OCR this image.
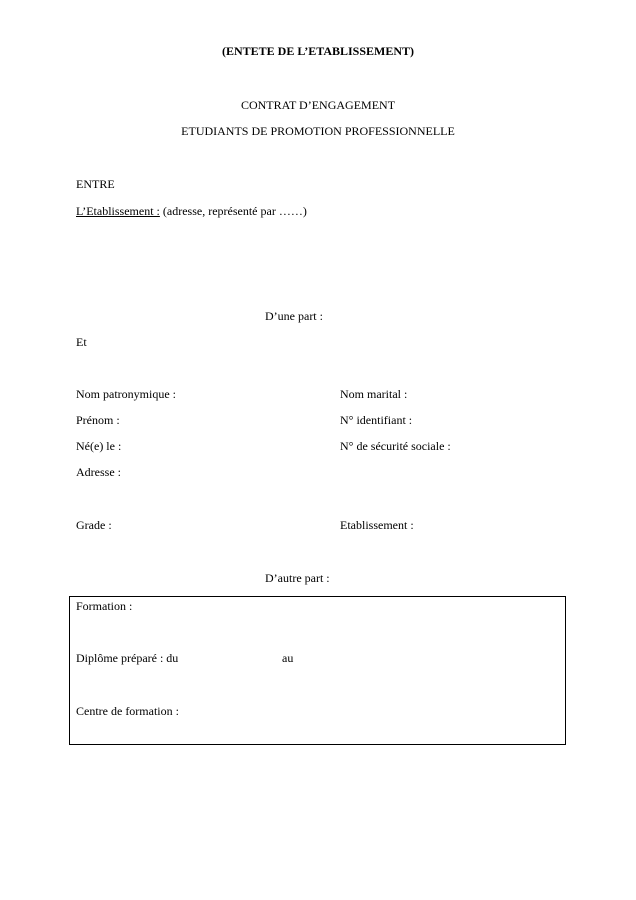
(ENTETE DE L’ETABLISSEMENT)
CONTRAT D’ENGAGEMENT
ETUDIANTS DE PROMOTION PROFESSIONNELLE
ENTRE
L’Etablissement : (adresse, représenté par ……)
D’une part :
Et
Nom patronymique :	Nom marital :
Prénom :	N° identifiant :
Né(e) le :	N° de sécurité sociale :
Adresse :
Grade :	Etablissement :
D’autre part :
Formation :
Diplôme préparé : du	au
Centre de formation :
